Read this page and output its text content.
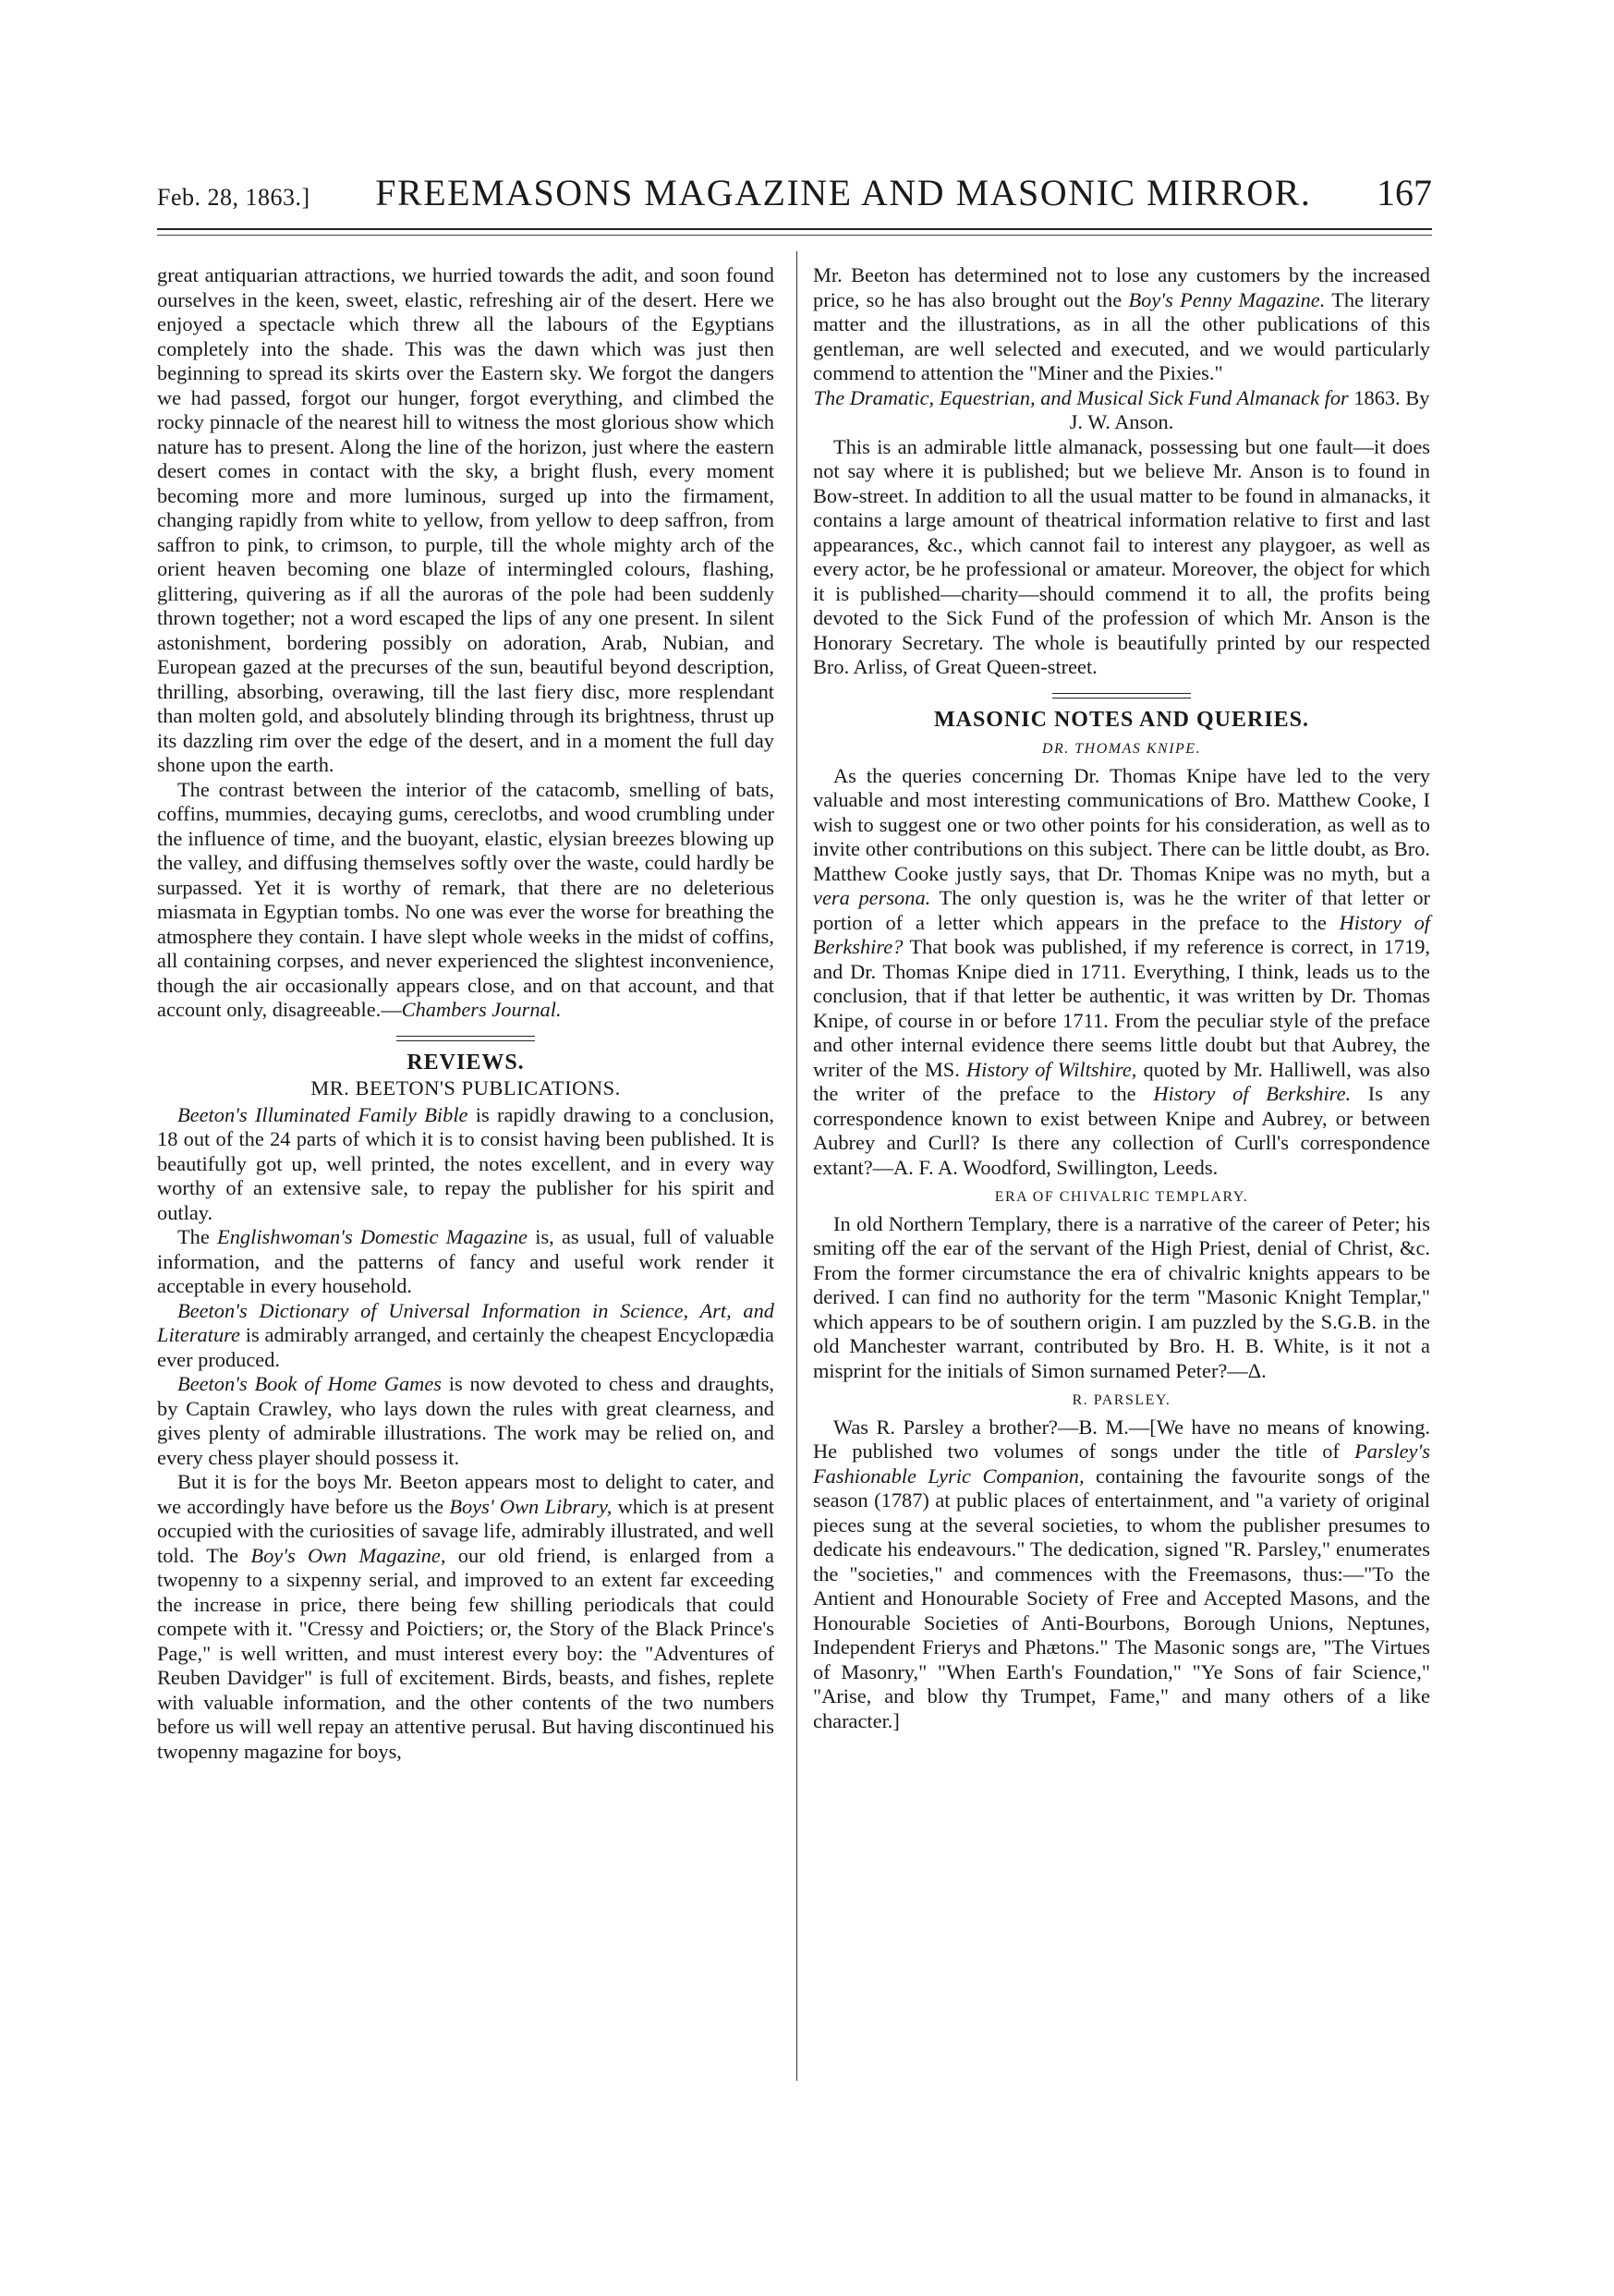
Feb. 28, 1863.] FREEMASONS MAGAZINE AND MASONIC MIRROR. 167

great antiquarian attractions, we hurried towards the adit, and soon found ourselves in the keen, sweet, elastic, refreshing air of the desert. Here we enjoyed a spectacle which threw all the labours of the Egyptians completely into the shade. This was the dawn which was just then beginning to spread its skirts over the Eastern sky. We forgot the dangers we had passed, forgot our hunger, forgot everything, and climbed the rocky pinnacle of the nearest hill to witness the most glorious show which nature has to present. Along the line of the horizon, just where the eastern desert comes in contact with the sky, a bright flush, every moment becoming more and more luminous, surged up into the firmament, changing rapidly from white to yellow, from yellow to deep saffron, from saffron to pink, to crimson, to purple, till the whole mighty arch of the orient heaven becoming one blaze of intermingled colours, flashing, glittering, quivering as if all the auroras of the pole had been suddenly thrown together; not a word escaped the lips of any one present. In silent astonishment, bordering possibly on adoration, Arab, Nubian, and European gazed at the precurses of the sun, beautiful beyond description, thrilling, absorbing, overawing, till the last fiery disc, more resplendant than molten gold, and absolutely blinding through its brightness, thrust up its dazzling rim over the edge of the desert, and in a moment the full day shone upon the earth.

The contrast between the interior of the catacomb, smelling of bats, coffins, mummies, decaying gums, cereclotbs, and wood crumbling under the influence of time, and the buoyant, elastic, elysian breezes blowing up the valley, and diffusing themselves softly over the waste, could hardly be surpassed. Yet it is worthy of remark, that there are no deleterious miasmata in Egyptian tombs. No one was ever the worse for breathing the atmosphere they contain. I have slept whole weeks in the midst of coffins, all containing corpses, and never experienced the slightest inconvenience, though the air occasionally appears close, and on that account, and that account only, disagreeable.—Chambers Journal.

REVIEWS.
MR. BEETON'S PUBLICATIONS.

Beeton's Illuminated Family Bible is rapidly drawing to a conclusion, 18 out of the 24 parts of which it is to consist having been published. It is beautifully got up, well printed, the notes excellent, and in every way worthy of an extensive sale, to repay the publisher for his spirit and outlay.

The Englishwoman's Domestic Magazine is, as usual, full of valuable information, and the patterns of fancy and useful work render it acceptable in every household.

Beeton's Dictionary of Universal Information in Science, Art, and Literature is admirably arranged, and certainly the cheapest Encyclopædia ever produced.

Beeton's Book of Home Games is now devoted to chess and draughts, by Captain Crawley, who lays down the rules with great clearness, and gives plenty of admirable illustrations. The work may be relied on, and every chess player should possess it.

But it is for the boys Mr. Beeton appears most to delight to cater, and we accordingly have before us the Boys' Own Library, which is at present occupied with the curiosities of savage life, admirably illustrated, and well told. The Boy's Own Magazine, our old friend, is enlarged from a twopenny to a sixpenny serial, and improved to an extent far exceeding the increase in price, there being few shilling periodicals that could compete with it. "Cressy and Poictiers; or, the Story of the Black Prince's Page," is well written, and must interest every boy: the "Adventures of Reuben Davidger" is full of excitement. Birds, beasts, and fishes, replete with valuable information, and the other contents of the two numbers before us will well repay an attentive perusal. But having discontinued his twopenny magazine for boys,

Mr. Beeton has determined not to lose any customers by the increased price, so he has also brought out the Boy's Penny Magazine. The literary matter and the illustrations, as in all the other publications of this gentleman, are well selected and executed, and we would particularly commend to attention the "Miner and the Pixies."

The Dramatic, Equestrian, and Musical Sick Fund Almanack for 1863. By J. W. Anson.

This is an admirable little almanack, possessing but one fault—it does not say where it is published; but we believe Mr. Anson is to found in Bow-street. In addition to all the usual matter to be found in almanacks, it contains a large amount of theatrical information relative to first and last appearances, &c., which cannot fail to interest any playgoer, as well as every actor, be he professional or amateur. Moreover, the object for which it is published—charity—should commend it to all, the profits being devoted to the Sick Fund of the profession of which Mr. Anson is the Honorary Secretary. The whole is beautifully printed by our respected Bro. Arliss, of Great Queen-street.

MASONIC NOTES AND QUERIES.
DR. THOMAS KNIPE.

As the queries concerning Dr. Thomas Knipe have led to the very valuable and most interesting communications of Bro. Matthew Cooke, I wish to suggest one or two other points for his consideration, as well as to invite other contributions on this subject. There can be little doubt, as Bro. Matthew Cooke justly says, that Dr. Thomas Knipe was no myth, but a vera persona. The only question is, was he the writer of that letter or portion of a letter which appears in the preface to the History of Berkshire? That book was published, if my reference is correct, in 1719, and Dr. Thomas Knipe died in 1711. Everything, I think, leads us to the conclusion, that if that letter be authentic, it was written by Dr. Thomas Knipe, of course in or before 1711. From the peculiar style of the preface and other internal evidence there seems little doubt but that Aubrey, the writer of the MS. History of Wiltshire, quoted by Mr. Halliwell, was also the writer of the preface to the History of Berkshire. Is any correspondence known to exist between Knipe and Aubrey, or between Aubrey and Curll? Is there any collection of Curll's correspondence extant?—A. F. A. Woodford, Swillington, Leeds.

ERA OF CHIVALRIC TEMPLARY.

In old Northern Templary, there is a narrative of the career of Peter; his smiting off the ear of the servant of the High Priest, denial of Christ, &c. From the former circumstance the era of chivalric knights appears to be derived. I can find no authority for the term "Masonic Knight Templar," which appears to be of southern origin. I am puzzled by the S.G.B. in the old Manchester warrant, contributed by Bro. H. B. White, is it not a misprint for the initials of Simon surnamed Peter?—Δ.

R. PARSLEY.

Was R. Parsley a brother?—B. M.—[We have no means of knowing. He published two volumes of songs under the title of Parsley's Fashionable Lyric Companion, containing the favourite songs of the season (1787) at public places of entertainment, and "a variety of original pieces sung at the several societies, to whom the publisher presumes to dedicate his endeavours." The dedication, signed "R. Parsley," enumerates the "societies," and commences with the Freemasons, thus:—"To the Antient and Honourable Society of Free and Accepted Masons, and the Honourable Societies of Anti-Bourbons, Borough Unions, Neptunes, Independent Frierys and Phætons." The Masonic songs are, "The Virtues of Masonry," "When Earth's Foundation," "Ye Sons of fair Science," "Arise, and blow thy Trumpet, Fame," and many others of a like character.]
